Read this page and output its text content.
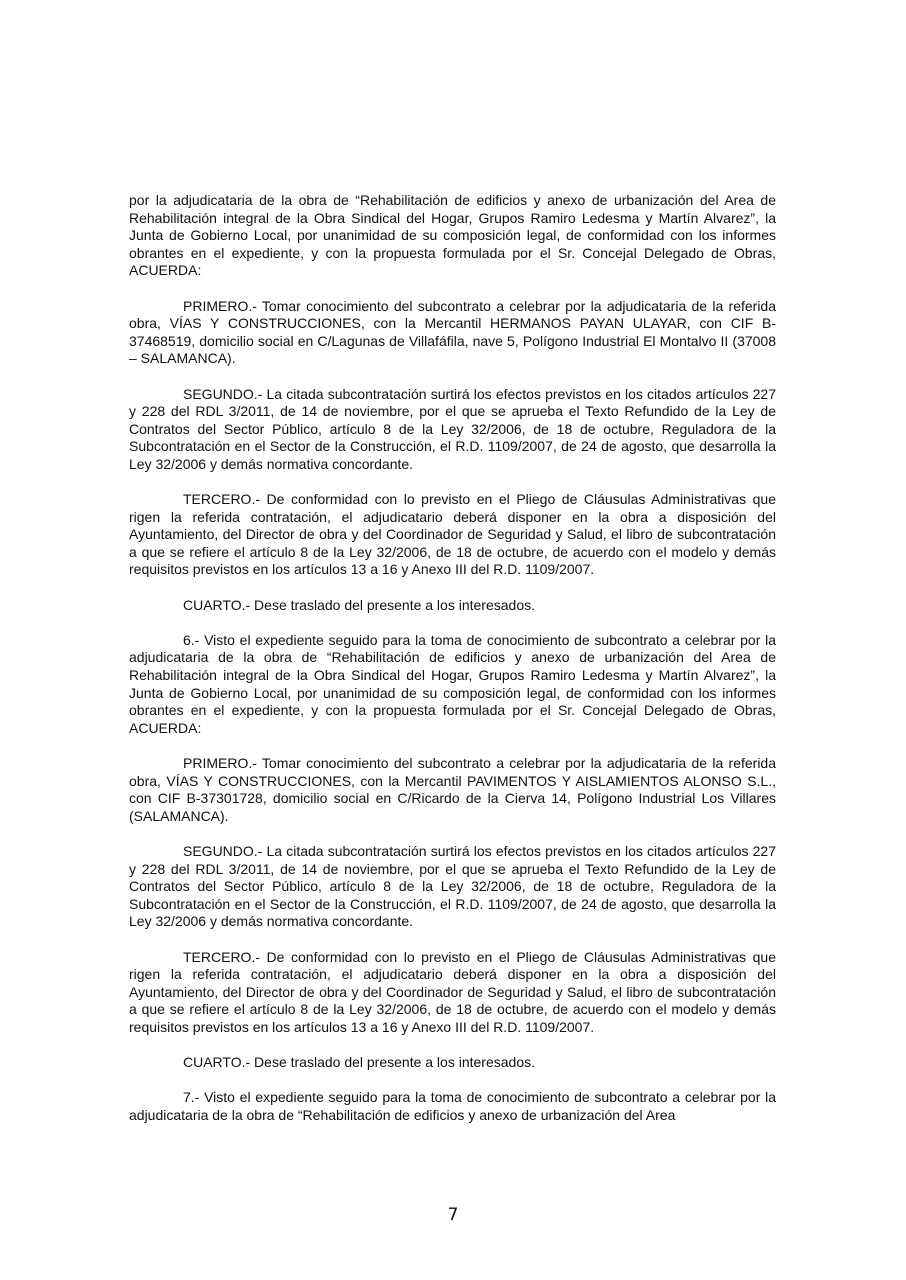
por la adjudicataria de la obra de “Rehabilitación de edificios y anexo de urbanización del Area de Rehabilitación integral de la Obra Sindical del Hogar, Grupos Ramiro Ledesma y Martín Alvarez”, la Junta de Gobierno Local, por unanimidad de su composición legal, de conformidad con los informes obrantes en el expediente, y con la propuesta formulada por el Sr. Concejal Delegado de Obras, ACUERDA:

PRIMERO.- Tomar conocimiento del subcontrato a celebrar por la adjudicataria de la referida obra, VÍAS Y CONSTRUCCIONES, con la Mercantil HERMANOS PAYAN ULAYAR, con CIF B-37468519, domicilio social en C/Lagunas de Villafáfila, nave 5, Polígono Industrial El Montalvo II (37008 – SALAMANCA).

SEGUNDO.- La citada subcontratación surtirá los efectos previstos en los citados artículos 227 y 228 del RDL 3/2011, de 14 de noviembre, por el que se aprueba el Texto Refundido de la Ley de Contratos del Sector Público, artículo 8 de la Ley 32/2006, de 18 de octubre, Reguladora de la Subcontratación en el Sector de la Construcción, el R.D. 1109/2007, de 24 de agosto, que desarrolla la Ley 32/2006 y demás normativa concordante.

TERCERO.- De conformidad con lo previsto en el Pliego de Cláusulas Administrativas que rigen la referida contratación, el adjudicatario deberá disponer en la obra a disposición del Ayuntamiento, del Director de obra y del Coordinador de Seguridad y Salud, el libro de subcontratación a que se refiere el artículo 8 de la Ley 32/2006, de 18 de octubre, de acuerdo con el modelo y demás requisitos previstos en los artículos 13 a 16 y Anexo III del R.D. 1109/2007.

CUARTO.- Dese traslado del presente a los interesados.

6.- Visto el expediente seguido para la toma de conocimiento de subcontrato a celebrar por la adjudicataria de la obra de “Rehabilitación de edificios y anexo de urbanización del Area de Rehabilitación integral de la Obra Sindical del Hogar, Grupos Ramiro Ledesma y Martín Alvarez”, la Junta de Gobierno Local, por unanimidad de su composición legal, de conformidad con los informes obrantes en el expediente, y con la propuesta formulada por el Sr. Concejal Delegado de Obras, ACUERDA:

PRIMERO.- Tomar conocimiento del subcontrato a celebrar por la adjudicataria de la referida obra, VÍAS Y CONSTRUCCIONES, con la Mercantil PAVIMENTOS Y AISLAMIENTOS ALONSO S.L., con CIF B-37301728, domicilio social en C/Ricardo de la Cierva 14, Polígono Industrial Los Villares (SALAMANCA).

SEGUNDO.- La citada subcontratación surtirá los efectos previstos en los citados artículos 227 y 228 del RDL 3/2011, de 14 de noviembre, por el que se aprueba el Texto Refundido de la Ley de Contratos del Sector Público, artículo 8 de la Ley 32/2006, de 18 de octubre, Reguladora de la Subcontratación en el Sector de la Construcción, el R.D. 1109/2007, de 24 de agosto, que desarrolla la Ley 32/2006 y demás normativa concordante.

TERCERO.- De conformidad con lo previsto en el Pliego de Cláusulas Administrativas que rigen la referida contratación, el adjudicatario deberá disponer en la obra a disposición del Ayuntamiento, del Director de obra y del Coordinador de Seguridad y Salud, el libro de subcontratación a que se refiere el artículo 8 de la Ley 32/2006, de 18 de octubre, de acuerdo con el modelo y demás requisitos previstos en los artículos 13 a 16 y Anexo III del R.D. 1109/2007.

CUARTO.- Dese traslado del presente a los interesados.

7.- Visto el expediente seguido para la toma de conocimiento de subcontrato a celebrar por la adjudicataria de la obra de “Rehabilitación de edificios y anexo de urbanización del Area

7
